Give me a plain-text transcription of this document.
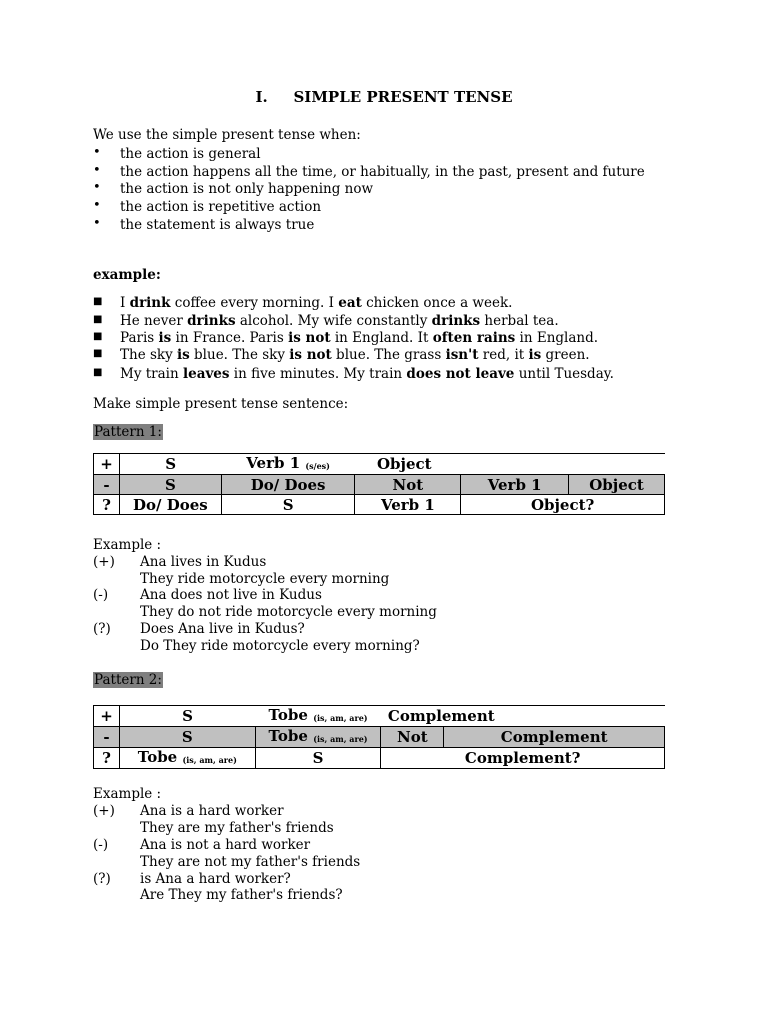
I. SIMPLE PRESENT TENSE
We use the simple present tense when:
• the action is general
• the action happens all the time, or habitually, in the past, present and future
• the action is not only happening now
• the action is repetitive action
• the statement is always true
example:
■ I drink coffee every morning. I eat chicken once a week.
■ He never drinks alcohol. My wife constantly drinks herbal tea.
■ Paris is in France. Paris is not in England. It often rains in England.
■ The sky is blue. The sky is not blue. The grass isn't red, it is green.
■ My train leaves in five minutes. My train does not leave until Tuesday.
Make simple present tense sentence:
Pattern 1:
+	S	Verb 1 (s/es)	Object		
-	S	Do/ Does	Not	Verb 1	Object
?	Do/ Does	S	Verb 1	Object?	
Example :
(+) Ana lives in Kudus
They ride motorcycle every morning
(-) Ana does not live in Kudus
They do not ride motorcycle every morning
(?) Does Ana live in Kudus?
Do They ride motorcycle every morning?
Pattern 2:
+	S	Tobe (is, am, are)	Complement	
-	S	Tobe (is, am, are)	Not	Complement
?	Tobe (is, am, are)	S	Complement?	
Example :
(+) Ana is a hard worker
They are my father's friends
(-) Ana is not a hard worker
They are not my father's friends
(?) is Ana a hard worker?
Are They my father's friends?
